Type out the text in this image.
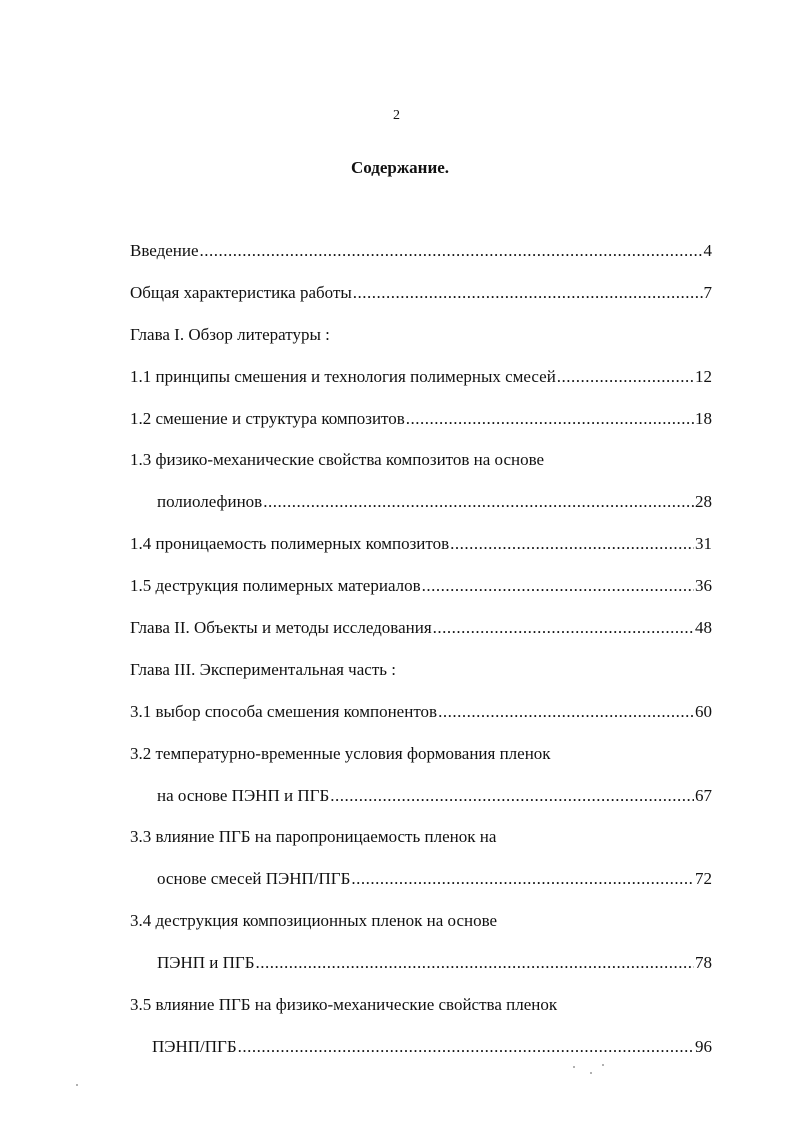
2
Содержание.
Введение .....	4
Общая характеристика работы .....	7
Глава I. Обзор литературы :
1.1 принципы смешения и технология полимерных смесей .....	12
1.2 смешение и структура композитов .....	18
1.3 физико-механические свойства композитов на основе
полиолефинов .....	28
1.4 проницаемость полимерных композитов .....	31
1.5 деструкция полимерных материалов .....	36
Глава II. Объекты и методы исследования .....	48
Глава III. Экспериментальная часть :
3.1 выбор способа смешения компонентов .....	60
3.2 температурно-временные условия формования пленок
на основе ПЭНП и ПГБ .....	67
3.3 влияние ПГБ на паропроницаемость пленок на
основе смесей ПЭНП/ПГБ .....	72
3.4 деструкция композиционных пленок на основе
ПЭНП и ПГБ .....	78
3.5 влияние ПГБ на физико-механические свойства пленок
ПЭНП/ПГБ .....	96
